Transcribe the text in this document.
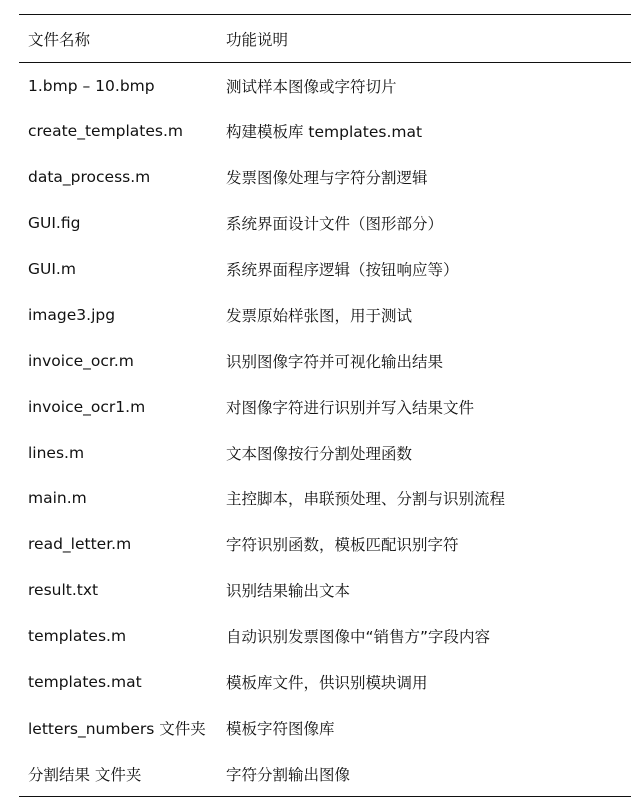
文件名称	功能说明
1.bmp – 10.bmp	测试样本图像或字符切片
create_templates.m	构建模板库 templates.mat
data_process.m	发票图像处理与字符分割逻辑
GUI.fig	系统界面设计文件（图形部分）
GUI.m	系统界面程序逻辑（按钮响应等）
image3.jpg	发票原始样张图，用于测试
invoice_ocr.m	识别图像字符并可视化输出结果
invoice_ocr1.m	对图像字符进行识别并写入结果文件
lines.m	文本图像按行分割处理函数
main.m	主控脚本，串联预处理、分割与识别流程
read_letter.m	字符识别函数，模板匹配识别字符
result.txt	识别结果输出文本
templates.m	自动识别发票图像中“销售方”字段内容
templates.mat	模板库文件，供识别模块调用
letters_numbers 文件夹	模板字符图像库
分割结果 文件夹	字符分割输出图像
